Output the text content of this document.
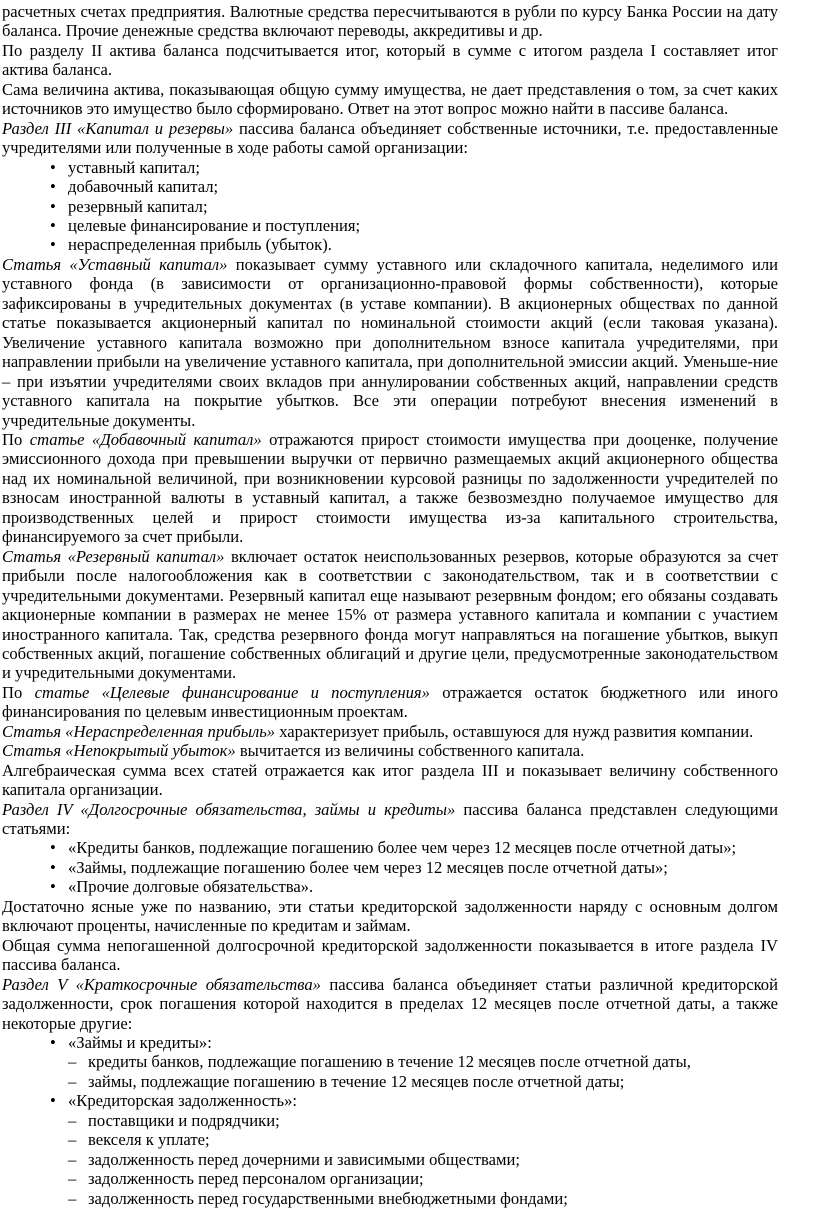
расчетных счетах предприятия. Валютные средства пересчитываются в рубли по курсу Банка России на дату баланса. Прочие денежные средства включают переводы, аккредитивы и др.

По разделу II актива баланса подсчитывается итог, который в сумме с итогом раздела I составляет итог актива баланса.

Сама величина актива, показывающая общую сумму имущества, не дает представления о том, за счет каких источников это имущество было сформировано. Ответ на этот вопрос можно найти в пассиве баланса.

Раздел III «Капитал и резервы» пассива баланса объединяет собственные источники, т.е. предоставленные учредителями или полученные в ходе работы самой организации:

• уставный капитал;
• добавочный капитал;
• резервный капитал;
• целевые финансирование и поступления;
• нераспределенная прибыль (убыток).

Статья «Уставный капитал» показывает сумму уставного или складочного капитала, неделимого или уставного фонда (в зависимости от организационно-правовой формы собственности), которые зафиксированы в учредительных документах (в уставе компании). В акционерных обществах по данной статье показывается акционерный капитал по номинальной стоимости акций (если таковая указана). Увеличение уставного капитала возможно при дополнительном взносе капитала учредителями, при направлении прибыли на увеличение уставного капитала, при дополнительной эмиссии акций. Уменьше-ние – при изъятии учредителями своих вкладов при аннулировании собственных акций, направлении средств уставного капитала на покрытие убытков. Все эти операции потребуют внесения изменений в учредительные документы.

По статье «Добавочный капитал» отражаются прирост стоимости имущества при дооценке, получение эмиссионного дохода при превышении выручки от первично размещаемых акций акционерного общества над их номинальной величиной, при возникновении курсовой разницы по задолженности учредителей по взносам иностранной валюты в уставный капитал, а также безвозмездно получаемое имущество для производственных целей и прирост стоимости имущества из-за капитального строительства, финансируемого за счет прибыли.

Статья «Резервный капитал» включает остаток неиспользованных резервов, которые образуются за счет прибыли после налогообложения как в соответствии с законодательством, так и в соответствии с учредительными документами. Резервный капитал еще называют резервным фондом; его обязаны создавать акционерные компании в размерах не менее 15% от размера уставного капитала и компании с участием иностранного капитала. Так, средства резервного фонда могут направляться на погашение убытков, выкуп собственных акций, погашение собственных облигаций и другие цели, предусмотренные законодательством и учредительными документами.

По статье «Целевые финансирование и поступления» отражается остаток бюджетного или иного финансирования по целевым инвестиционным проектам.

Статья «Нераспределенная прибыль» характеризует прибыль, оставшуюся для нужд развития компании.

Статья «Непокрытый убыток» вычитается из величины собственного капитала.

Алгебраическая сумма всех статей отражается как итог раздела III и показывает величину собственного капитала организации.

Раздел IV «Долгосрочные обязательства, займы и кредиты» пассива баланса представлен следующими статьями:

• «Кредиты банков, подлежащие погашению более чем через 12 месяцев после отчетной даты»;
• «Займы, подлежащие погашению более чем через 12 месяцев после отчетной даты»;
• «Прочие долговые обязательства».

Достаточно ясные уже по названию, эти статьи кредиторской задолженности наряду с основным долгом включают проценты, начисленные по кредитам и займам.

Общая сумма непогашенной долгосрочной кредиторской задолженности показывается в итоге раздела IV пассива баланса.

Раздел V «Краткосрочные обязательства» пассива баланса объединяет статьи различной кредиторской задолженности, срок погашения которой находится в пределах 12 месяцев после отчетной даты, а также некоторые другие:

• «Займы и кредиты»:
– кредиты банков, подлежащие погашению в течение 12 месяцев после отчетной даты,
– займы, подлежащие погашению в течение 12 месяцев после отчетной даты;
• «Кредиторская задолженность»:
– поставщики и подрядчики;
– векселя к уплате;
– задолженность перед дочерними и зависимыми обществами;
– задолженность перед персоналом организации;
– задолженность перед государственными внебюджетными фондами;
